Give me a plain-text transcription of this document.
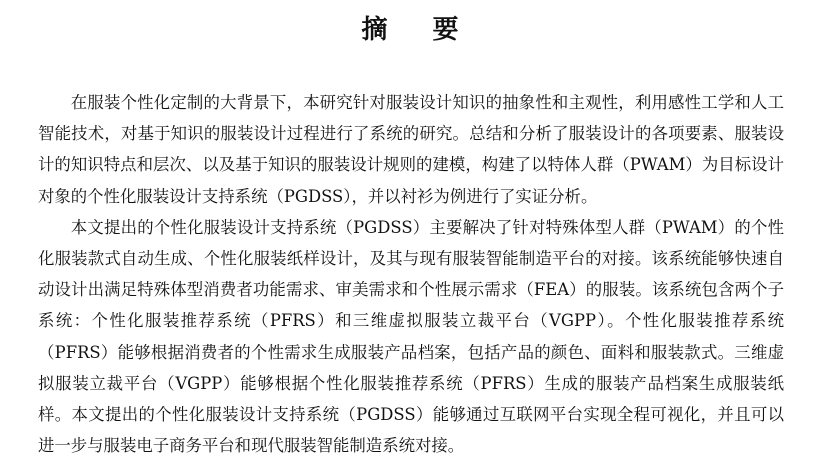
摘 要

在服装个性化定制的大背景下，本研究针对服装设计知识的抽象性和主观性，利用感性工学和人工智能技术，对基于知识的服装设计过程进行了系统的研究。总结和分析了服装设计的各项要素、服装设计的知识特点和层次、以及基于知识的服装设计规则的建模，构建了以特体人群（PWAM）为目标设计对象的个性化服装设计支持系统（PGDSS），并以衬衫为例进行了实证分析。

本文提出的个性化服装设计支持系统（PGDSS）主要解决了针对特殊体型人群（PWAM）的个性化服装款式自动生成、个性化服装纸样设计，及其与现有服装智能制造平台的对接。该系统能够快速自动设计出满足特殊体型消费者功能需求、审美需求和个性展示需求（FEA）的服装。该系统包含两个子系统：个性化服装推荐系统（PFRS）和三维虚拟服装立裁平台（VGPP）。个性化服装推荐系统（PFRS）能够根据消费者的个性需求生成服装产品档案，包括产品的颜色、面料和服装款式。三维虚拟服装立裁平台（VGPP）能够根据个性化服装推荐系统（PFRS）生成的服装产品档案生成服装纸样。本文提出的个性化服装设计支持系统（PGDSS）能够通过互联网平台实现全程可视化，并且可以进一步与服装电子商务平台和现代服装智能制造系统对接。
